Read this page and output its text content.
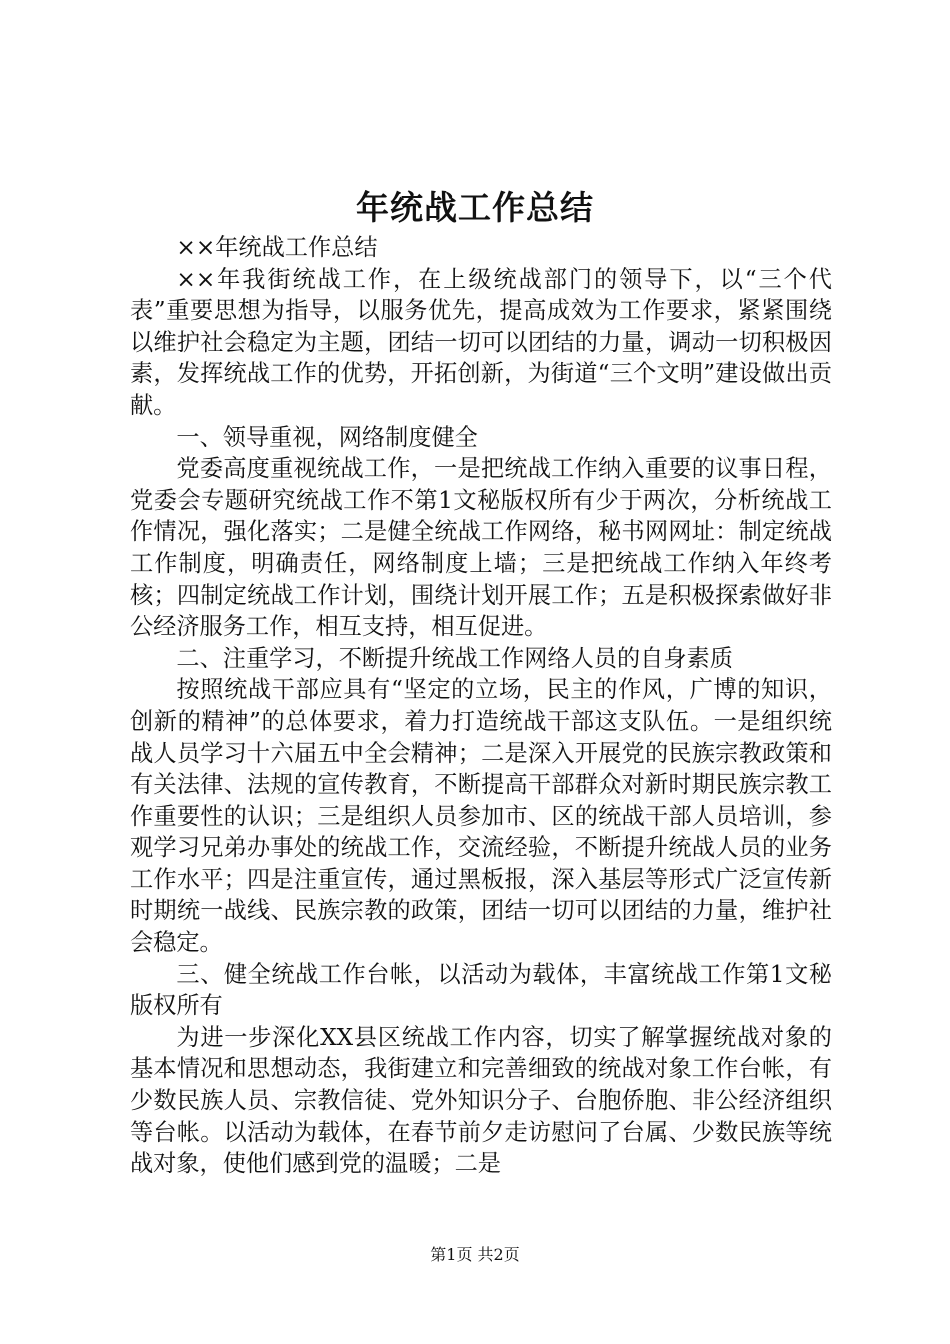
年统战工作总结

××年统战工作总结

××年我街统战工作，在上级统战部门的领导下，以“三个代表”重要思想为指导，以服务优先，提高成效为工作要求，紧紧围绕以维护社会稳定为主题，团结一切可以团结的力量，调动一切积极因素，发挥统战工作的优势，开拓创新，为街道“三个文明”建设做出贡献。

一、领导重视，网络制度健全

党委高度重视统战工作，一是把统战工作纳入重要的议事日程，党委会专题研究统战工作不第1文秘版权所有少于两次，分析统战工作情况，强化落实；二是健全统战工作网络，秘书网网址：制定统战工作制度，明确责任，网络制度上墙；三是把统战工作纳入年终考核；四制定统战工作计划，围绕计划开展工作；五是积极探索做好非公经济服务工作，相互支持，相互促进。

二、注重学习，不断提升统战工作网络人员的自身素质

按照统战干部应具有“坚定的立场，民主的作风，广博的知识，创新的精神”的总体要求，着力打造统战干部这支队伍。一是组织统战人员学习十六届五中全会精神；二是深入开展党的民族宗教政策和有关法律、法规的宣传教育，不断提高干部群众对新时期民族宗教工作重要性的认识；三是组织人员参加市、区的统战干部人员培训，参观学习兄弟办事处的统战工作，交流经验，不断提升统战人员的业务工作水平；四是注重宣传，通过黑板报，深入基层等形式广泛宣传新时期统一战线、民族宗教的政策，团结一切可以团结的力量，维护社会稳定。

三、健全统战工作台帐，以活动为载体，丰富统战工作第1文秘版权所有

为进一步深化XX县区统战工作内容，切实了解掌握统战对象的基本情况和思想动态，我街建立和完善细致的统战对象工作台帐，有少数民族人员、宗教信徒、党外知识分子、台胞侨胞、非公经济组织等台帐。以活动为载体，在春节前夕走访慰问了台属、少数民族等统战对象，使他们感到党的温暖；二是

第1页 共2页
